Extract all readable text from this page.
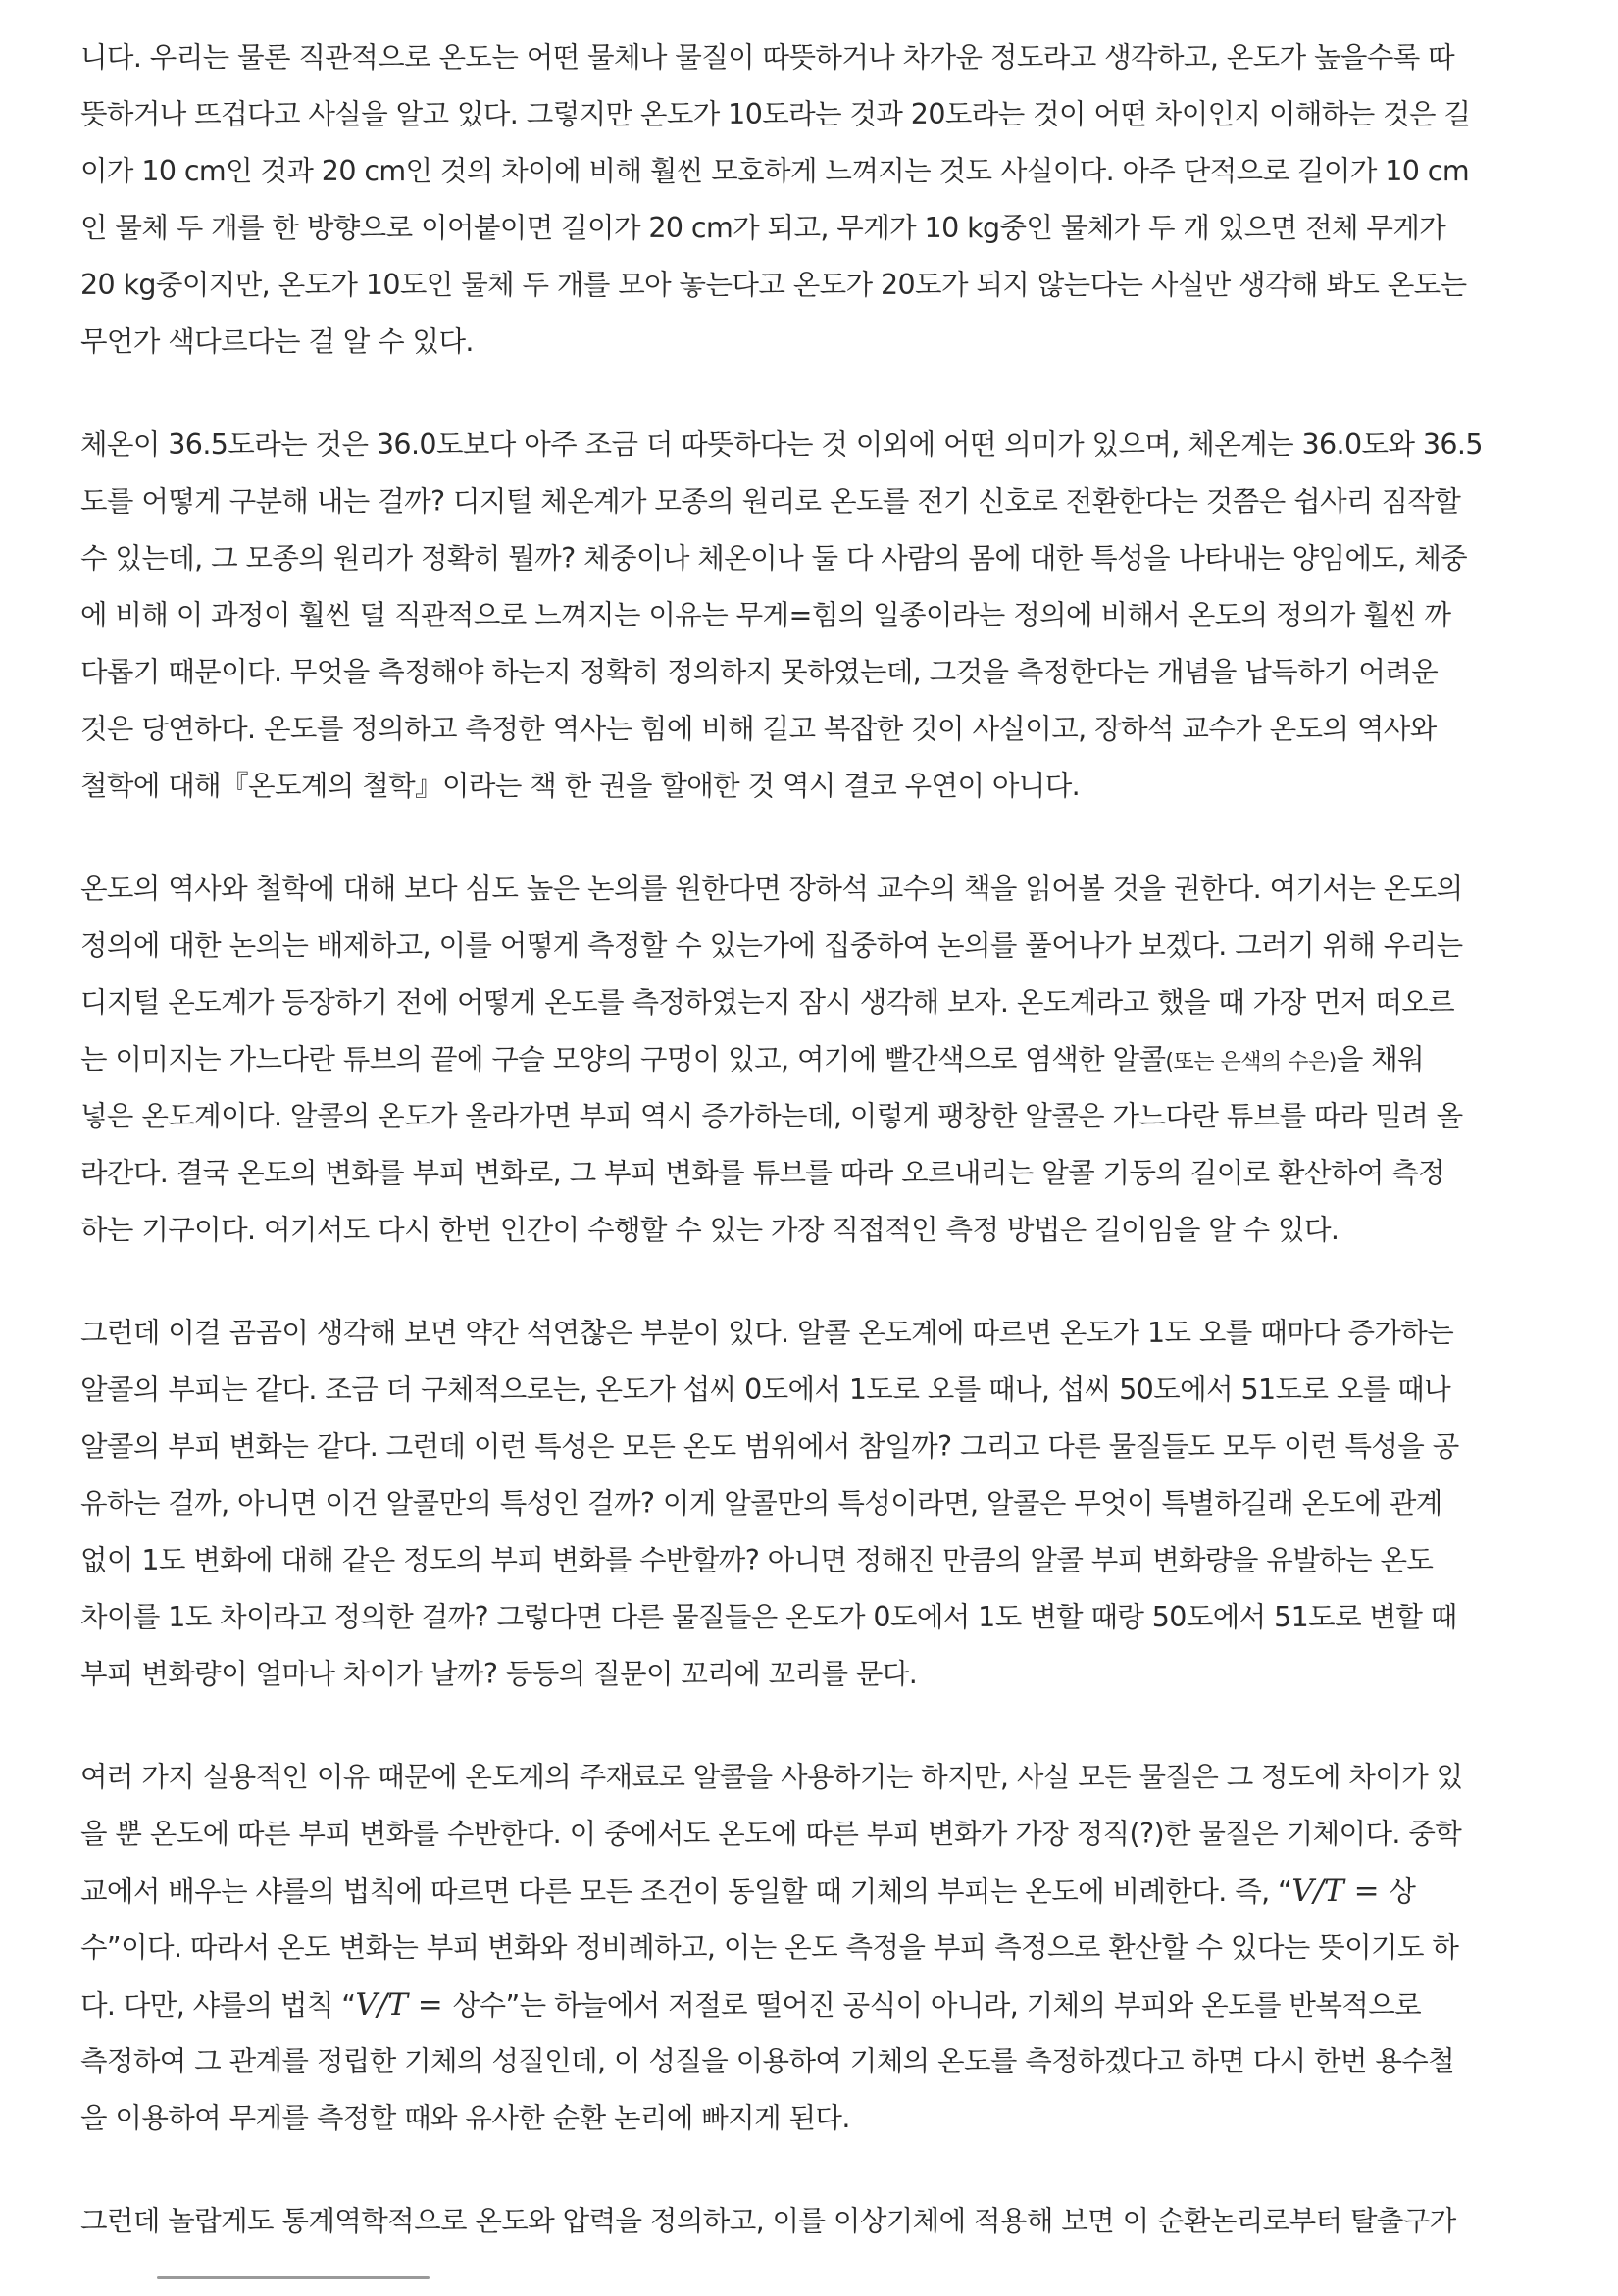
니다. 우리는 물론 직관적으로 온도는 어떤 물체나 물질이 따뜻하거나 차가운 정도라고 생각하고, 온도가 높을수록 따
뜻하거나 뜨겁다고 사실을 알고 있다. 그렇지만 온도가 10도라는 것과 20도라는 것이 어떤 차이인지 이해하는 것은 길
이가 10 cm인 것과 20 cm인 것의 차이에 비해 훨씬 모호하게 느껴지는 것도 사실이다. 아주 단적으로 길이가 10 cm
인 물체 두 개를 한 방향으로 이어붙이면 길이가 20 cm가 되고, 무게가 10 kg중인 물체가 두 개 있으면 전체 무게가
20 kg중이지만, 온도가 10도인 물체 두 개를 모아 놓는다고 온도가 20도가 되지 않는다는 사실만 생각해 봐도 온도는
무언가 색다르다는 걸 알 수 있다.

체온이 36.5도라는 것은 36.0도보다 아주 조금 더 따뜻하다는 것 이외에 어떤 의미가 있으며, 체온계는 36.0도와 36.5
도를 어떻게 구분해 내는 걸까? 디지털 체온계가 모종의 원리로 온도를 전기 신호로 전환한다는 것쯤은 쉽사리 짐작할
수 있는데, 그 모종의 원리가 정확히 뭘까? 체중이나 체온이나 둘 다 사람의 몸에 대한 특성을 나타내는 양임에도, 체중
에 비해 이 과정이 훨씬 덜 직관적으로 느껴지는 이유는 무게=힘의 일종이라는 정의에 비해서 온도의 정의가 훨씬 까
다롭기 때문이다. 무엇을 측정해야 하는지 정확히 정의하지 못하였는데, 그것을 측정한다는 개념을 납득하기 어려운
것은 당연하다. 온도를 정의하고 측정한 역사는 힘에 비해 길고 복잡한 것이 사실이고, 장하석 교수가 온도의 역사와
철학에 대해『온도계의 철학』이라는 책 한 권을 할애한 것 역시 결코 우연이 아니다.

온도의 역사와 철학에 대해 보다 심도 높은 논의를 원한다면 장하석 교수의 책을 읽어볼 것을 권한다. 여기서는 온도의
정의에 대한 논의는 배제하고, 이를 어떻게 측정할 수 있는가에 집중하여 논의를 풀어나가 보겠다. 그러기 위해 우리는
디지털 온도계가 등장하기 전에 어떻게 온도를 측정하였는지 잠시 생각해 보자. 온도계라고 했을 때 가장 먼저 떠오르
는 이미지는 가느다란 튜브의 끝에 구슬 모양의 구멍이 있고, 여기에 빨간색으로 염색한 알콜(또는 은색의 수은)을 채워
넣은 온도계이다. 알콜의 온도가 올라가면 부피 역시 증가하는데, 이렇게 팽창한 알콜은 가느다란 튜브를 따라 밀려 올
라간다. 결국 온도의 변화를 부피 변화로, 그 부피 변화를 튜브를 따라 오르내리는 알콜 기둥의 길이로 환산하여 측정
하는 기구이다. 여기서도 다시 한번 인간이 수행할 수 있는 가장 직접적인 측정 방법은 길이임을 알 수 있다.

그런데 이걸 곰곰이 생각해 보면 약간 석연찮은 부분이 있다. 알콜 온도계에 따르면 온도가 1도 오를 때마다 증가하는
알콜의 부피는 같다. 조금 더 구체적으로는, 온도가 섭씨 0도에서 1도로 오를 때나, 섭씨 50도에서 51도로 오를 때나
알콜의 부피 변화는 같다. 그런데 이런 특성은 모든 온도 범위에서 참일까? 그리고 다른 물질들도 모두 이런 특성을 공
유하는 걸까, 아니면 이건 알콜만의 특성인 걸까? 이게 알콜만의 특성이라면, 알콜은 무엇이 특별하길래 온도에 관계
없이 1도 변화에 대해 같은 정도의 부피 변화를 수반할까? 아니면 정해진 만큼의 알콜 부피 변화량을 유발하는 온도
차이를 1도 차이라고 정의한 걸까? 그렇다면 다른 물질들은 온도가 0도에서 1도 변할 때랑 50도에서 51도로 변할 때
부피 변화량이 얼마나 차이가 날까? 등등의 질문이 꼬리에 꼬리를 문다.

여러 가지 실용적인 이유 때문에 온도계의 주재료로 알콜을 사용하기는 하지만, 사실 모든 물질은 그 정도에 차이가 있
을 뿐 온도에 따른 부피 변화를 수반한다. 이 중에서도 온도에 따른 부피 변화가 가장 정직(?)한 물질은 기체이다. 중학
교에서 배우는 샤를의 법칙에 따르면 다른 모든 조건이 동일할 때 기체의 부피는 온도에 비례한다. 즉, “V/T = 상
수”이다. 따라서 온도 변화는 부피 변화와 정비례하고, 이는 온도 측정을 부피 측정으로 환산할 수 있다는 뜻이기도 하
다. 다만, 샤를의 법칙 “V/T = 상수”는 하늘에서 저절로 떨어진 공식이 아니라, 기체의 부피와 온도를 반복적으로
측정하여 그 관계를 정립한 기체의 성질인데, 이 성질을 이용하여 기체의 온도를 측정하겠다고 하면 다시 한번 용수철
을 이용하여 무게를 측정할 때와 유사한 순환 논리에 빠지게 된다.

그런데 놀랍게도 통계역학적으로 온도와 압력을 정의하고, 이를 이상기체에 적용해 보면 이 순환논리로부터 탈출구가
